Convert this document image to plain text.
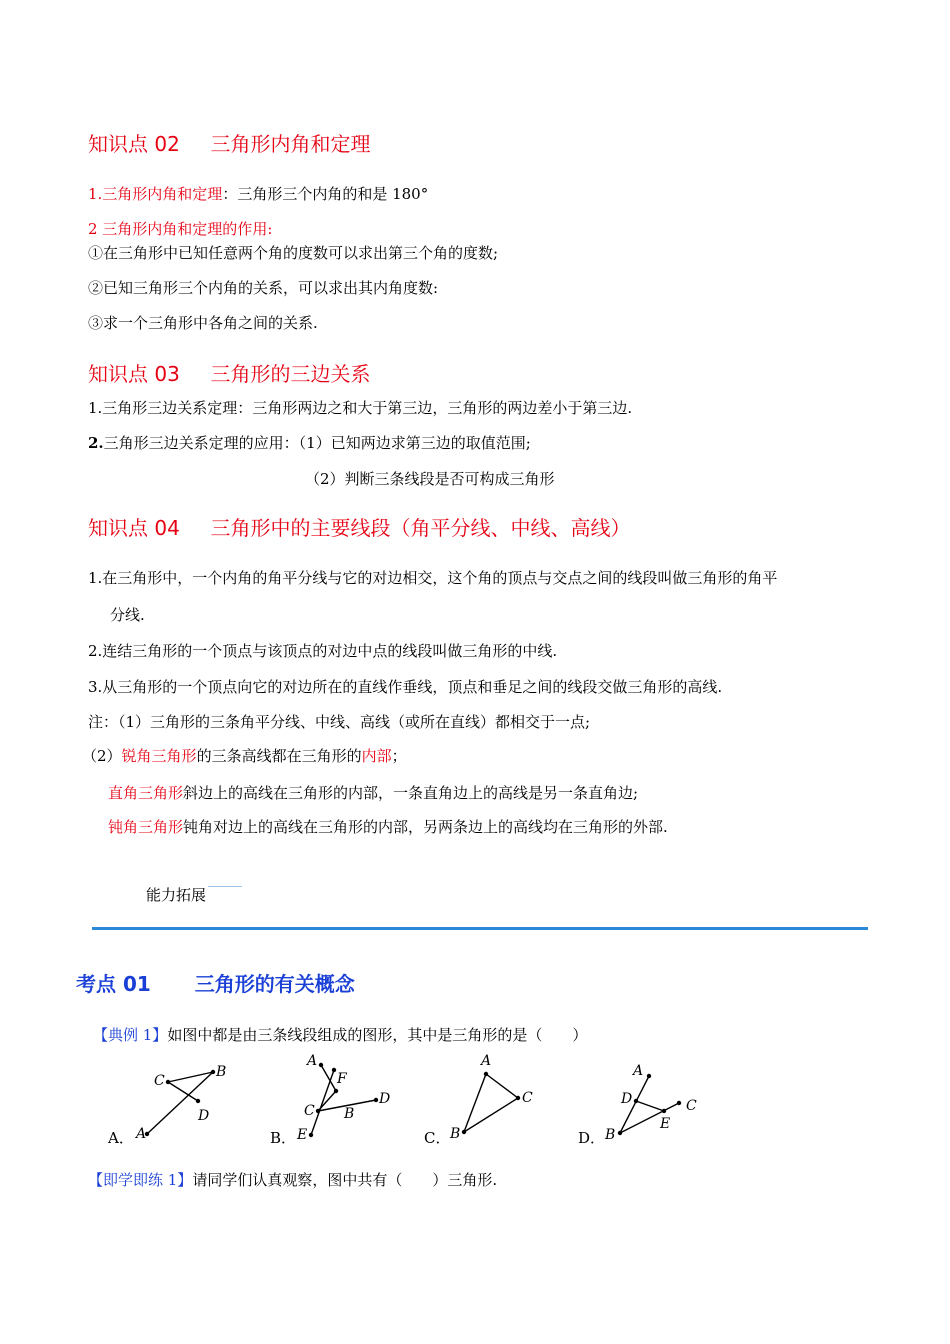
知识点 02 三角形内角和定理
1.三角形内角和定理：三角形三个内角的和是 180°
2 三角形内角和定理的作用:
①在三角形中已知任意两个角的度数可以求出第三个角的度数;
②已知三角形三个内角的关系，可以求出其内角度数:
③求一个三角形中各角之间的关系.
知识点 03 三角形的三边关系
1.三角形三边关系定理：三角形两边之和大于第三边，三角形的两边差小于第三边.
2.三角形三边关系定理的应用：（1）已知两边求第三边的取值范围;
（2）判断三条线段是否可构成三角形
知识点 04 三角形中的主要线段（角平分线、中线、高线）
1.在三角形中，一个内角的角平分线与它的对边相交，这个角的顶点与交点之间的线段叫做三角形的角平
分线.
2.连结三角形的一个顶点与该顶点的对边中点的线段叫做三角形的中线.
3.从三角形的一个顶点向它的对边所在的直线作垂线，顶点和垂足之间的线段交做三角形的高线.
注：（1）三角形的三条角平分线、中线、高线（或所在直线）都相交于一点;
（2）锐角三角形的三条高线都在三角形的内部；
直角三角形斜边上的高线在三角形的内部，一条直角边上的高线是另一条直角边;
钝角三角形钝角对边上的高线在三角形的内部，另两条边上的高线均在三角形的外部.
能力拓展
考点 01 三角形的有关概念
【典例 1】如图中都是由三条线段组成的图形，其中是三角形的是（　　）
A．
C
B
D
A	B．
A
F
D
C B
E	C．
A
C
B	D．
A
D	C
E
B
【即学即练 1】请同学们认真观察，图中共有（　　）三角形.
